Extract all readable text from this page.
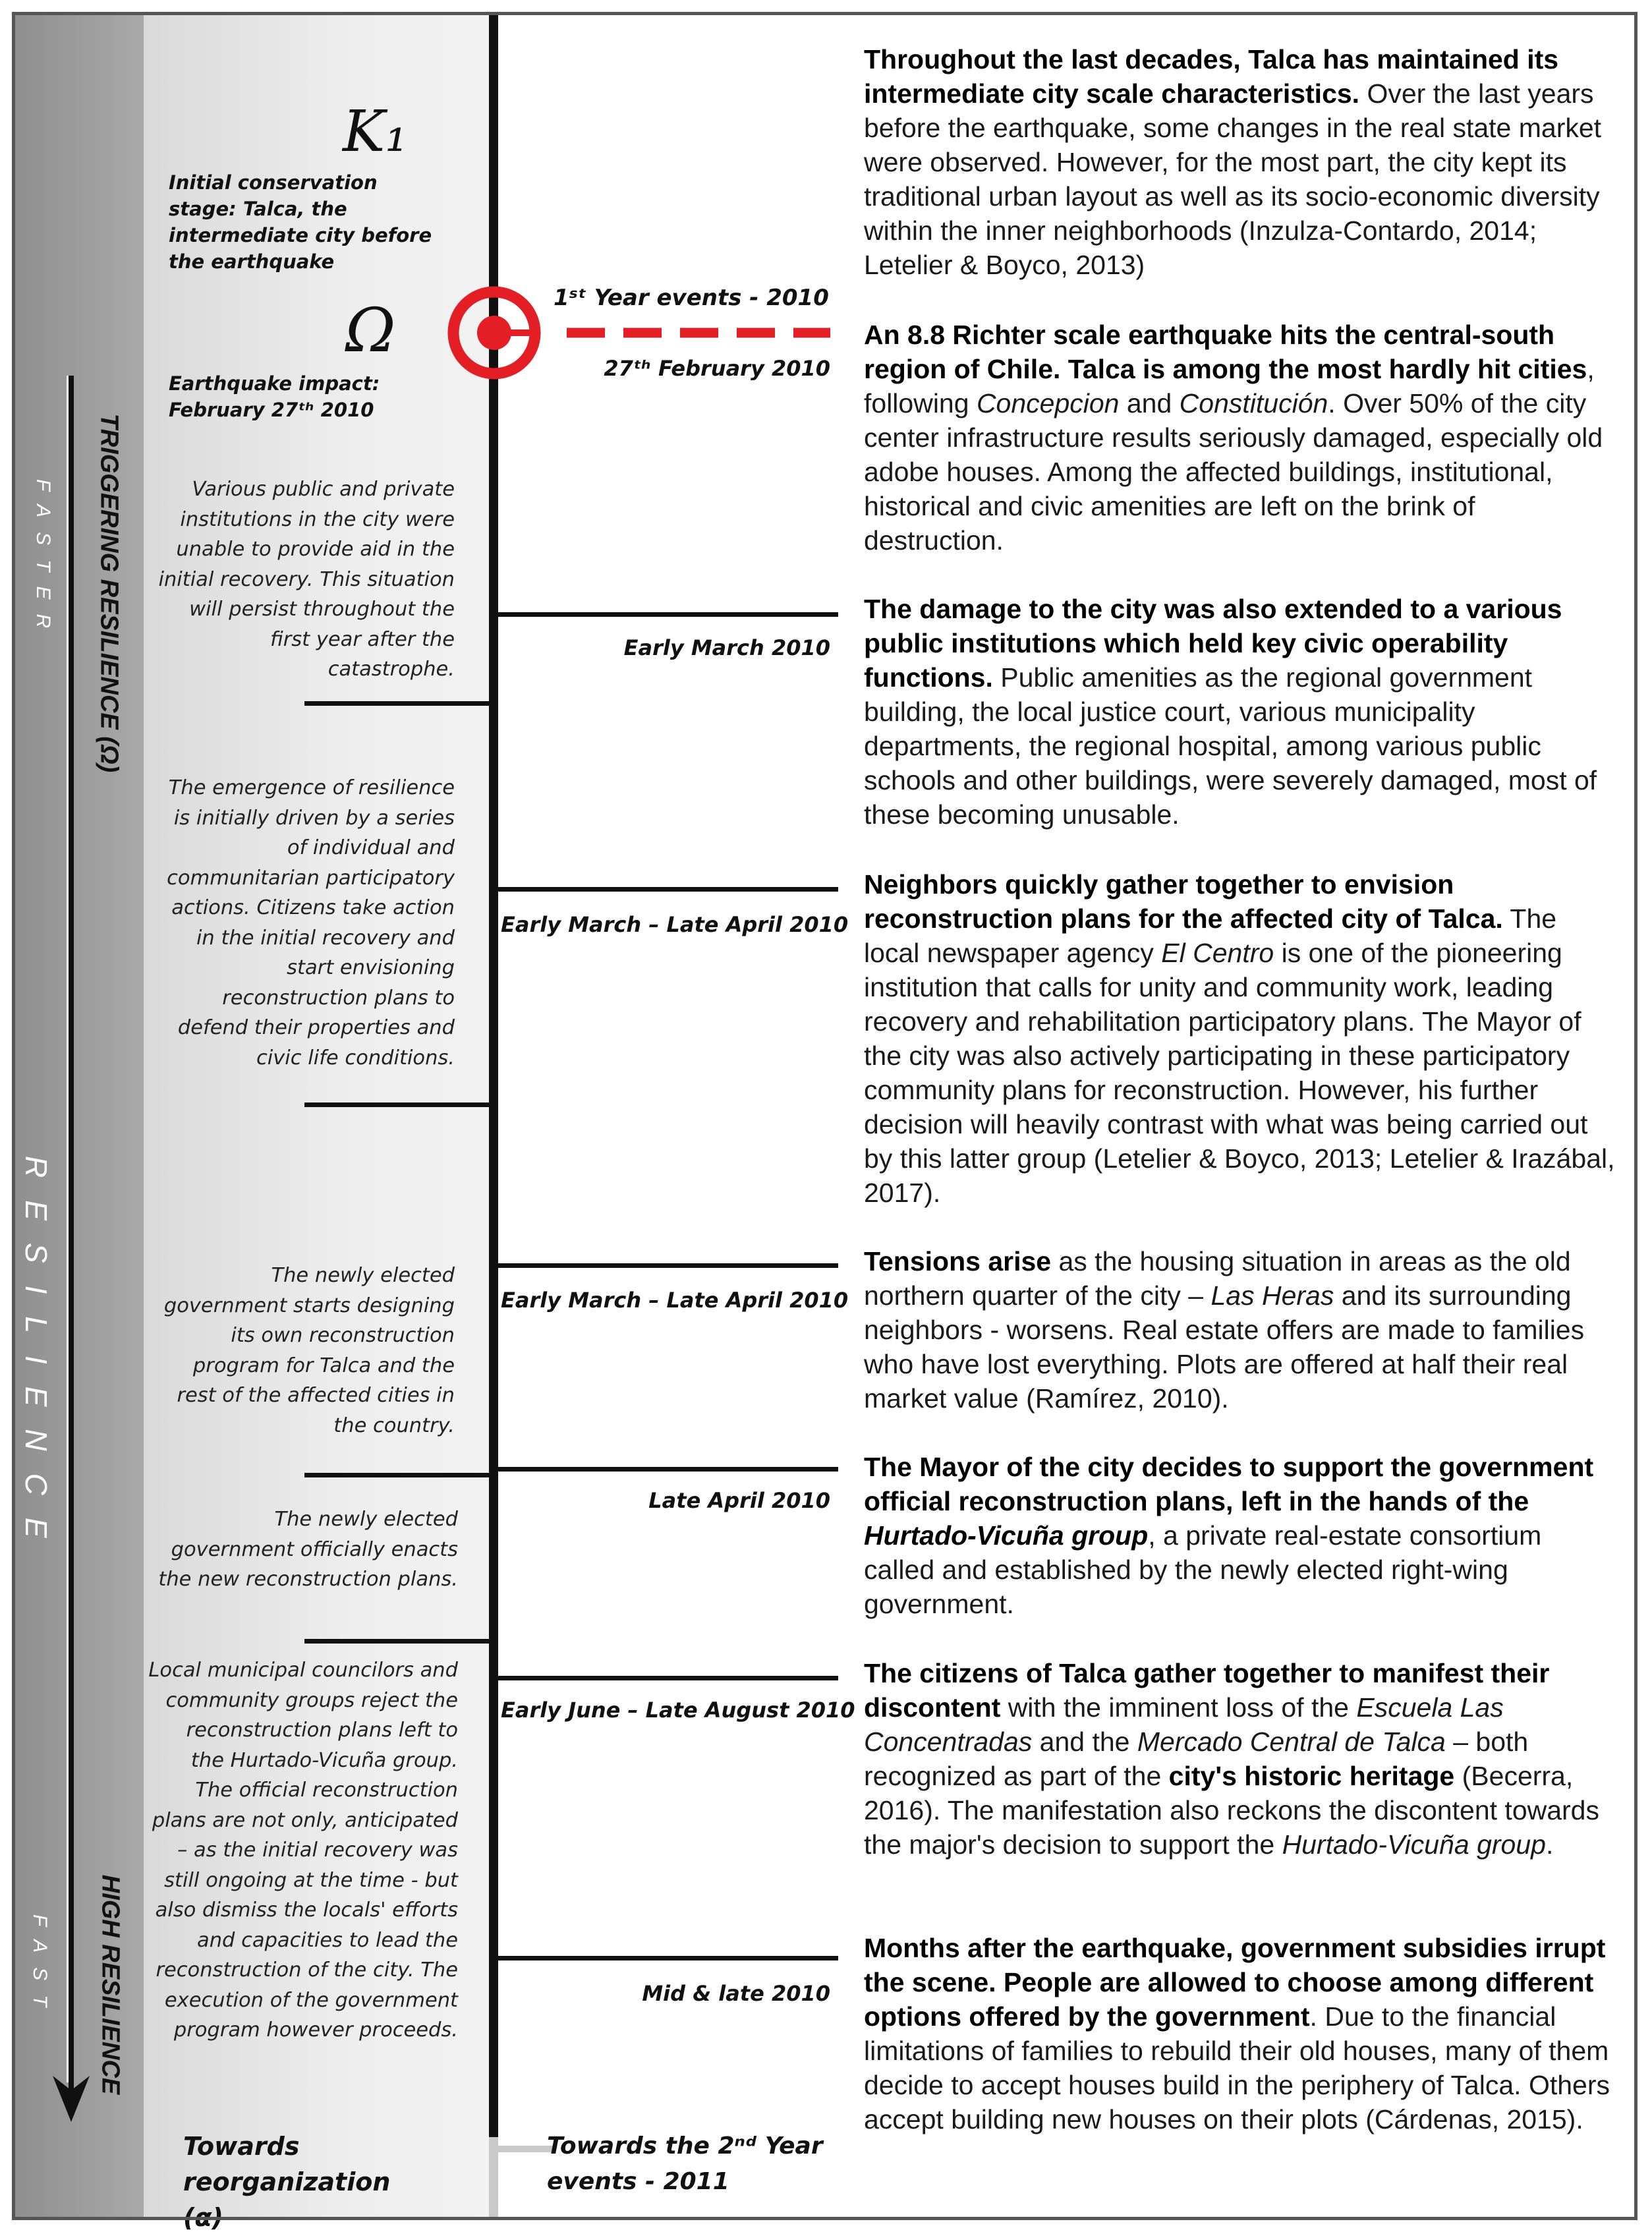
TRIGGERING RESILIENCE (Ω)
FASTER
RESILIENCE
FAST HIGH RESILIENCE
K₁
Initial conservation stage: Talca, the intermediate city before the earthquake
Ω
Earthquake impact:
February 27ᵗʰ 2010
1ˢᵗ Year events - 2010
Various public and private institutions in the city were unable to provide aid in the initial recovery. This situation will persist throughout the first year after the catastrophe.
The emergence of resilience is initially driven by a series of individual and communitarian participatory actions. Citizens take action in the initial recovery and start envisioning reconstruction plans to defend their properties and civic life conditions.
The newly elected government starts designing its own reconstruction program for Talca and the rest of the affected cities in the country.
The newly elected government officially enacts the new reconstruction plans.
Local municipal councilors and community groups reject the reconstruction plans left to the Hurtado-Vicuña group. The official reconstruction plans are not only, anticipated – as the initial recovery was still ongoing at the time - but also dismiss the locals' efforts and capacities to lead the reconstruction of the city. The execution of the government program however proceeds.
Towards reorganization (α)
Towards the 2ⁿᵈ Year events - 2011
27ᵗʰ February 2010
Early March 2010
Early March – Late April 2010
Early March – Late April 2010
Late April 2010
Early June – Late August 2010
Mid & late 2010
Throughout the last decades, Talca has maintained its intermediate city scale characteristics. Over the last years before the earthquake, some changes in the real state market were observed. However, for the most part, the city kept its traditional urban layout as well as its socio-economic diversity within the inner neighborhoods (Inzulza-Contardo, 2014; Letelier & Boyco, 2013)
An 8.8 Richter scale earthquake hits the central-south region of Chile. Talca is among the most hardly hit cities, following Concepcion and Constitución. Over 50% of the city center infrastructure results seriously damaged, especially old adobe houses. Among the affected buildings, institutional, historical and civic amenities are left on the brink of destruction.
The damage to the city was also extended to a various public institutions which held key civic operability functions. Public amenities as the regional government building, the local justice court, various municipality departments, the regional hospital, among various public schools and other buildings, were severely damaged, most of these becoming unusable.
Neighbors quickly gather together to envision reconstruction plans for the affected city of Talca. The local newspaper agency El Centro is one of the pioneering institution that calls for unity and community work, leading recovery and rehabilitation participatory plans. The Mayor of the city was also actively participating in these participatory community plans for reconstruction. However, his further decision will heavily contrast with what was being carried out by this latter group (Letelier & Boyco, 2013; Letelier & Irazábal, 2017).
Tensions arise as the housing situation in areas as the old northern quarter of the city – Las Heras and its surrounding neighbors - worsens. Real estate offers are made to families who have lost everything. Plots are offered at half their real market value (Ramírez, 2010).
The Mayor of the city decides to support the government official reconstruction plans, left in the hands of the Hurtado-Vicuña group, a private real-estate consortium called and established by the newly elected right-wing government.
The citizens of Talca gather together to manifest their discontent with the imminent loss of the Escuela Las Concentradas and the Mercado Central de Talca – both recognized as part of the city's historic heritage (Becerra, 2016). The manifestation also reckons the discontent towards the major's decision to support the Hurtado-Vicuña group.
Months after the earthquake, government subsidies irrupt the scene. People are allowed to choose among different options offered by the government. Due to the financial limitations of families to rebuild their old houses, many of them decide to accept houses build in the periphery of Talca. Others accept building new houses on their plots (Cárdenas, 2015).
